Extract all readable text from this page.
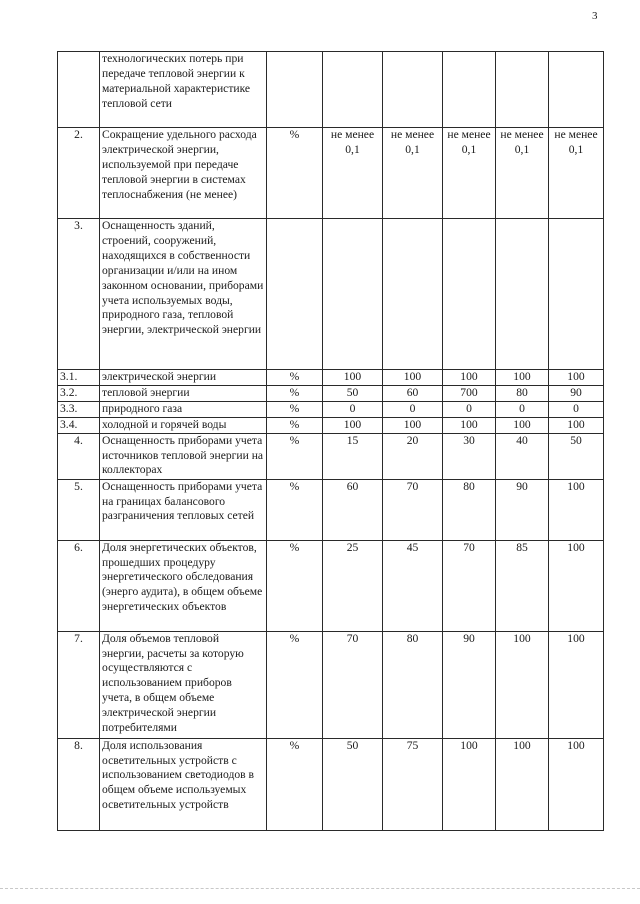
3
	технологических потерь при передаче тепловой энергии к материальной характеристике тепловой сети						
2.	Сокращение удельного расхода электрической энергии, используемой при передаче тепловой энергии в системах теплоснабжения (не менее)	%	не менее 0,1	не менее 0,1	не менее 0,1	не менее 0,1	не менее 0,1
3.	Оснащенность зданий, строений, сооружений, находящихся в собственности организации и/или на ином законном основании, приборами учета используемых воды, природного газа, тепловой энергии, электрической энергии						
3.1.	электрической энергии	%	100	100	100	100	100
3.2.	тепловой энергии	%	50	60	700	80	90
3.3.	природного газа	%	0	0	0	0	0
3.4.	холодной и горячей воды	%	100	100	100	100	100
4.	Оснащенность приборами учета источников тепловой энергии на коллекторах	%	15	20	30	40	50
5.	Оснащенность приборами учета на границах балансового разграничения тепловых сетей	%	60	70	80	90	100
6.	Доля энергетических объектов, прошедших процедуру энергетического обследования (энерго аудита), в общем объеме энергетических объектов	%	25	45	70	85	100
7.	Доля объемов тепловой энергии, расчеты за которую осуществляются с использованием приборов учета, в общем объеме электрической энергии потребителями	%	70	80	90	100	100
8.	Доля использования осветительных устройств с использованием светодиодов в общем объеме используемых осветительных устройств	%	50	75	100	100	100
